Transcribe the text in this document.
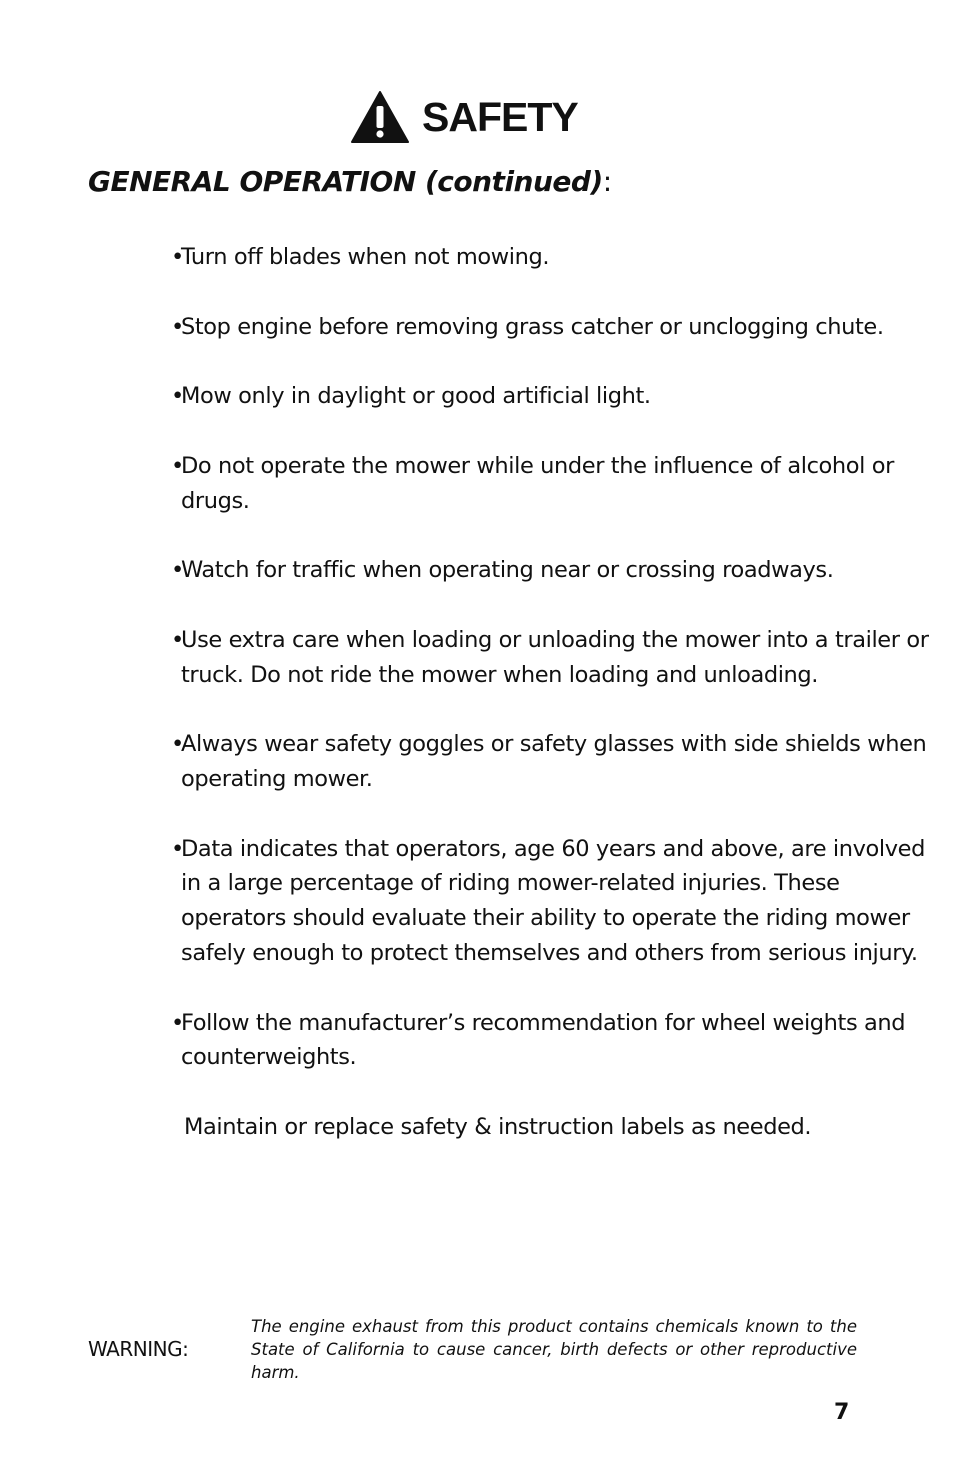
SAFETY
GENERAL OPERATION (continued):
•
Turn off blades when not mowing.
•
Stop engine before removing grass catcher or unclogging chute.
•
Mow only in daylight or good artificial light.
•
Do not operate the mower while under the influence of alcohol or drugs.
•
Watch for traffic when operating near or crossing roadways.
•
Use extra care when loading or unloading the mower into a trailer or truck. Do not ride the mower when loading and unloading.
•
Always wear safety goggles or safety glasses with side shields when operating mower.
•
Data indicates that operators, age 60 years and above, are involved in a large percentage of riding mower-related injuries. These operators should evaluate their ability to operate the riding mower safely enough to protect themselves and others from serious injury.
•
Follow the manufacturer’s recommendation for wheel weights and counterweights.
Maintain or replace safety & instruction labels as needed.
WARNING:
The engine exhaust from this product contains chemicals known to the State of California to cause cancer, birth defects or other reproductive harm.
7
